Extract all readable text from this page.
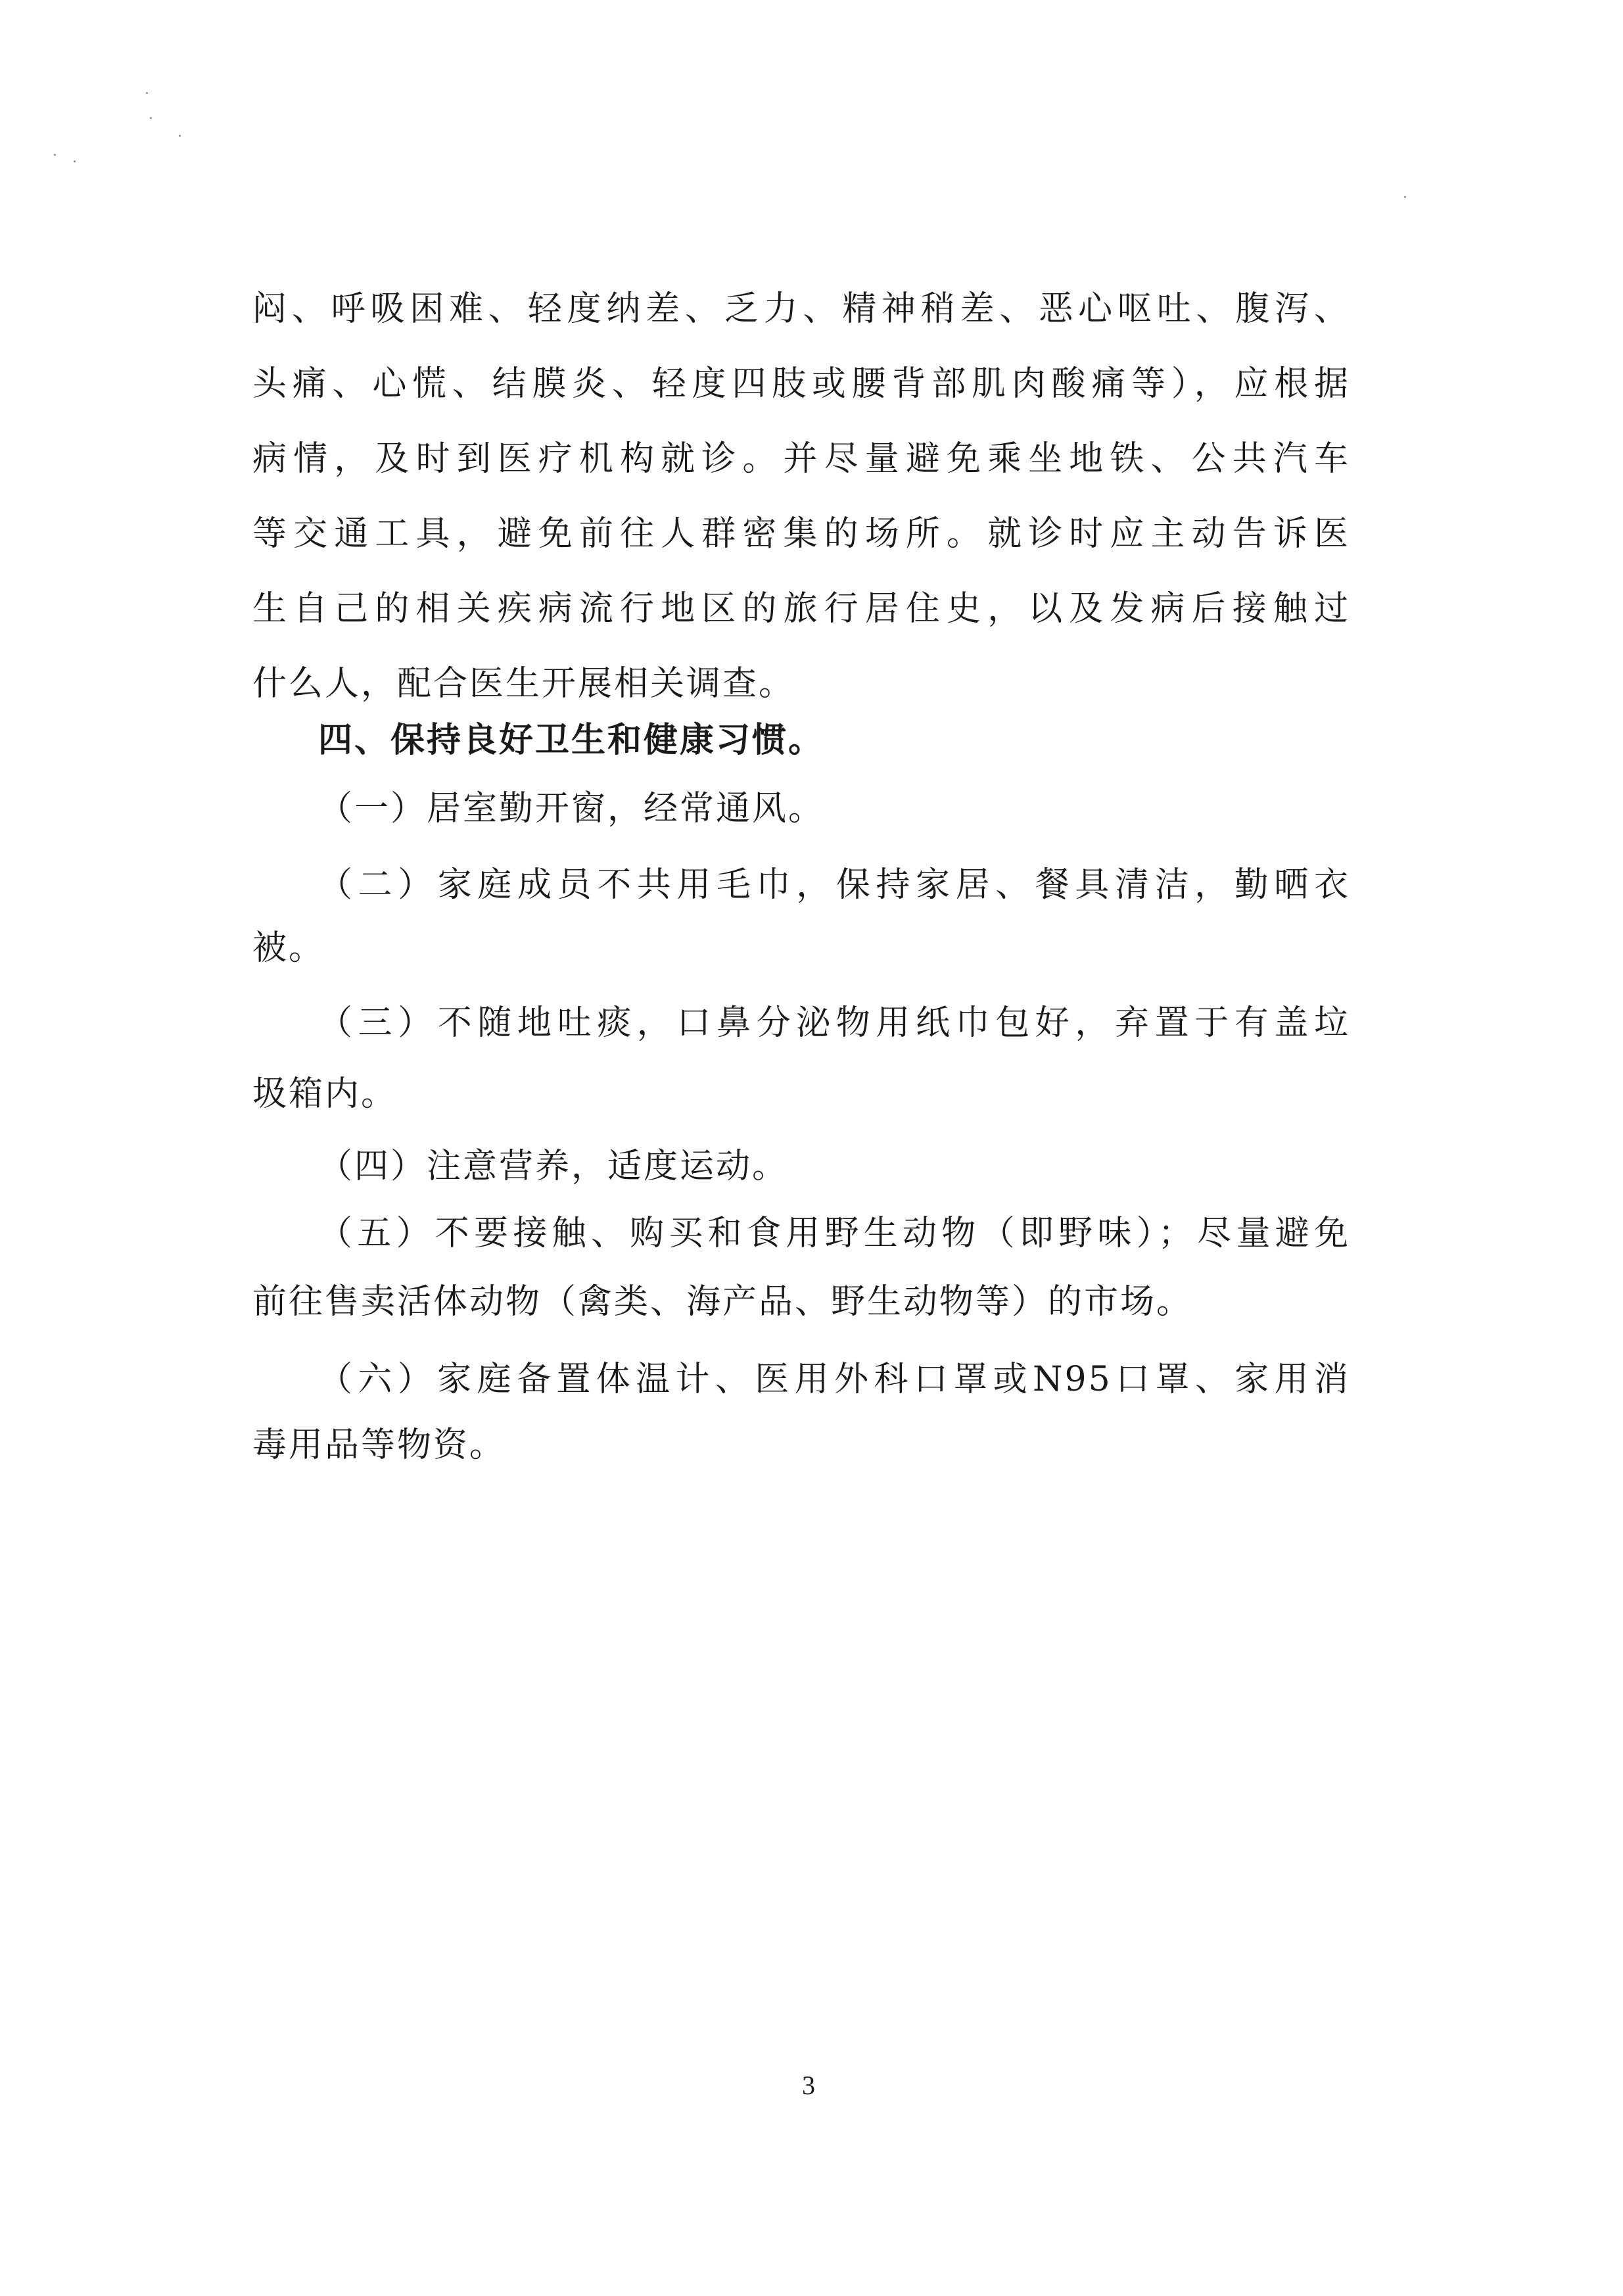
闷、呼吸困难、轻度纳差、乏力、精神稍差、恶心呕吐、腹泻、
头痛、心慌、结膜炎、轻度四肢或腰背部肌肉酸痛等），应根据
病情，及时到医疗机构就诊。并尽量避免乘坐地铁、公共汽车
等交通工具，避免前往人群密集的场所。就诊时应主动告诉医
生自己的相关疾病流行地区的旅行居住史，以及发病后接触过
什么人，配合医生开展相关调查。
四、保持良好卫生和健康习惯。
（一）居室勤开窗，经常通风。
（二）家庭成员不共用毛巾，保持家居、餐具清洁，勤晒衣
被。
（三）不随地吐痰，口鼻分泌物用纸巾包好，弃置于有盖垃
圾箱内。
（四）注意营养，适度运动。
（五）不要接触、购买和食用野生动物（即野味）；尽量避免
前往售卖活体动物（禽类、海产品、野生动物等）的市场。
（六）家庭备置体温计、医用外科口罩或N95口罩、家用消
毒用品等物资。
3
